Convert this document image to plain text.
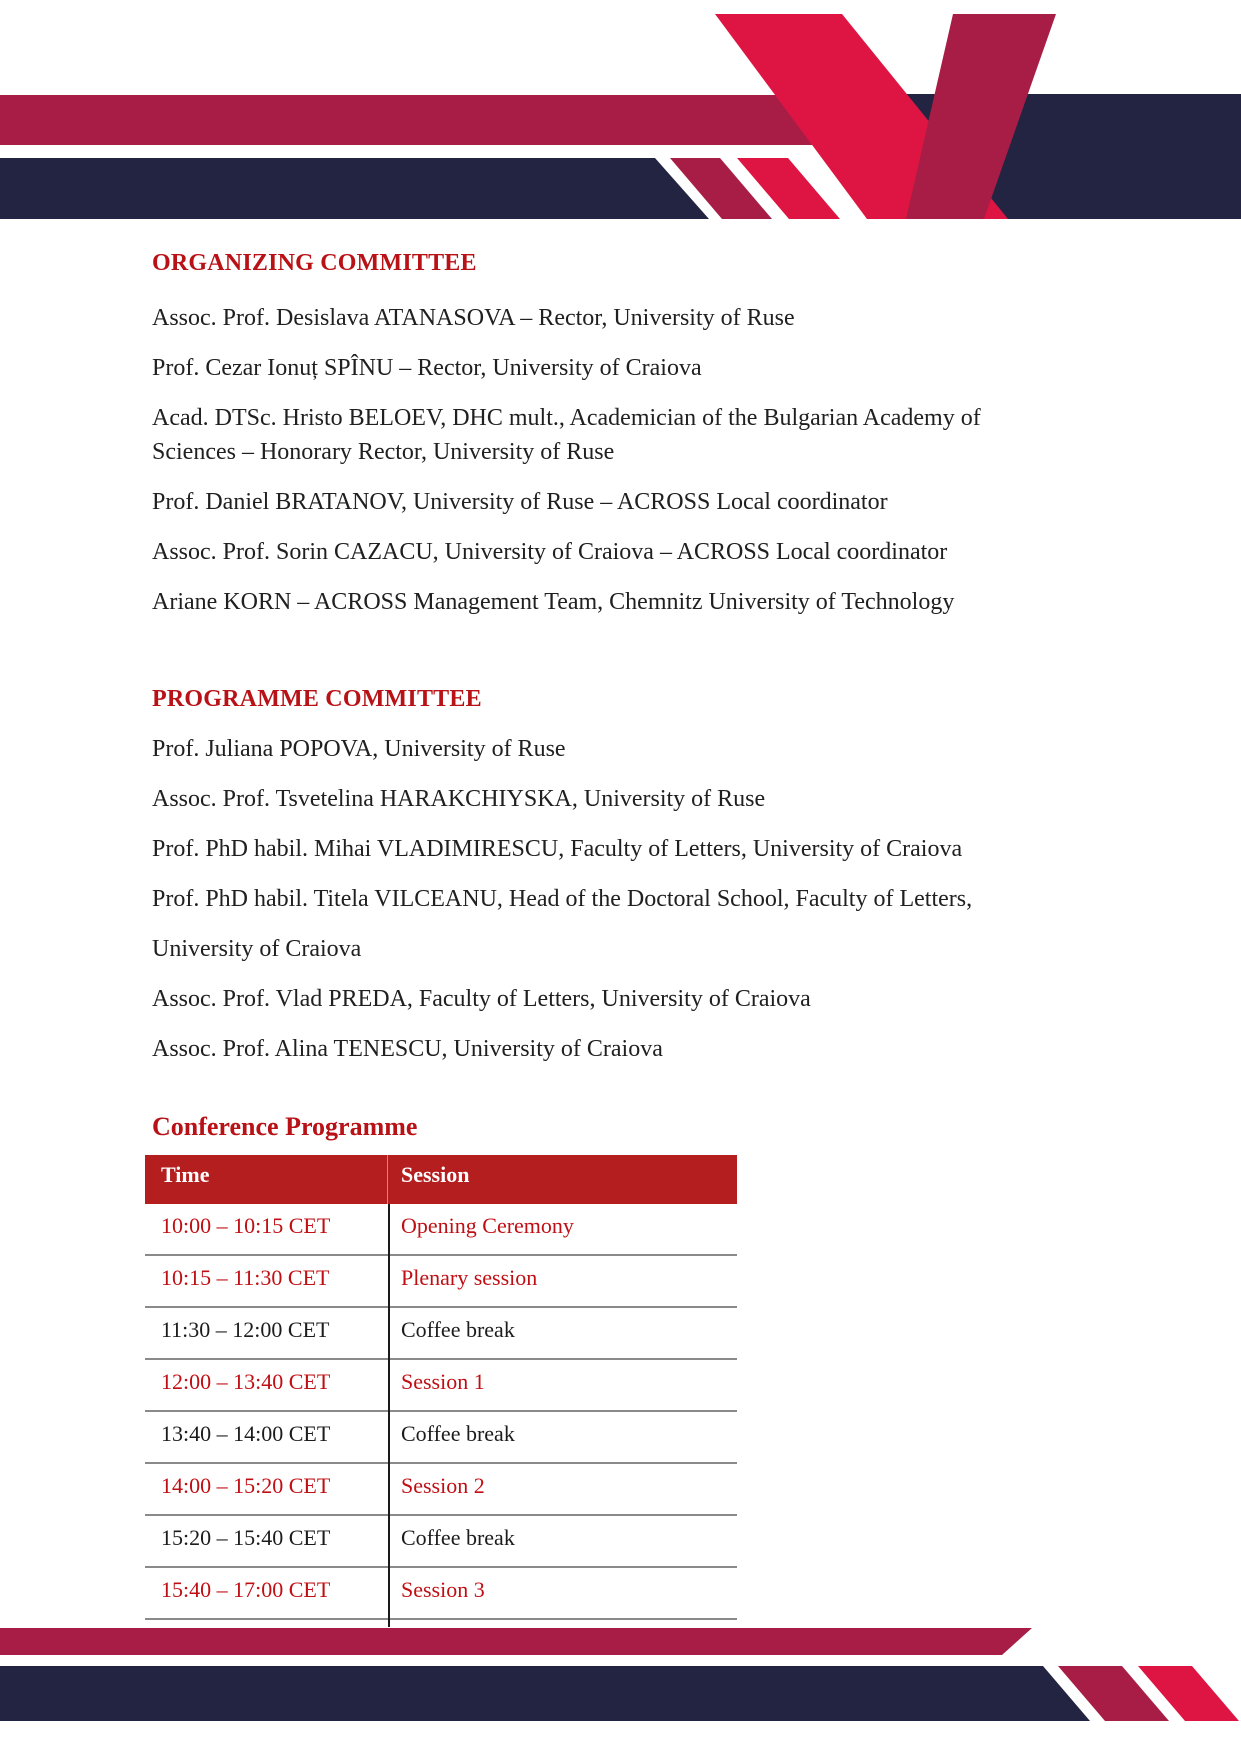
ORGANIZING COMMITTEE

Assoc. Prof. Desislava ATANASOVA – Rector, University of Ruse

Prof. Cezar Ionuț SPÎNU – Rector, University of Craiova

Acad. DTSc. Hristo BELOEV, DHC mult., Academician of the Bulgarian Academy of

Sciences – Honorary Rector, University of Ruse

Prof. Daniel BRATANOV, University of Ruse – ACROSS Local coordinator

Assoc. Prof. Sorin CAZACU, University of Craiova – ACROSS Local coordinator

Ariane KORN – ACROSS Management Team, Chemnitz University of Technology

PROGRAMME COMMITTEE

Prof. Juliana POPOVA, University of Ruse

Assoc. Prof. Tsvetelina HARAKCHIYSKA, University of Ruse

Prof. PhD habil. Mihai VLADIMIRESCU, Faculty of Letters, University of Craiova

Prof. PhD habil. Titela VILCEANU, Head of the Doctoral School, Faculty of Letters,

University of Craiova

Assoc. Prof. Vlad PREDA, Faculty of Letters, University of Craiova

Assoc. Prof. Alina TENESCU, University of Craiova

Conference Programme
Time	Session
10:00 – 10:15 CET	Opening Ceremony
10:15 – 11:30 CET	Plenary session
11:30 – 12:00 CET	Coffee break
12:00 – 13:40 CET	Session 1
13:40 – 14:00 CET	Coffee break
14:00 – 15:20 CET	Session 2
15:20 – 15:40 CET	Coffee break
15:40 – 17:00 CET	Session 3
